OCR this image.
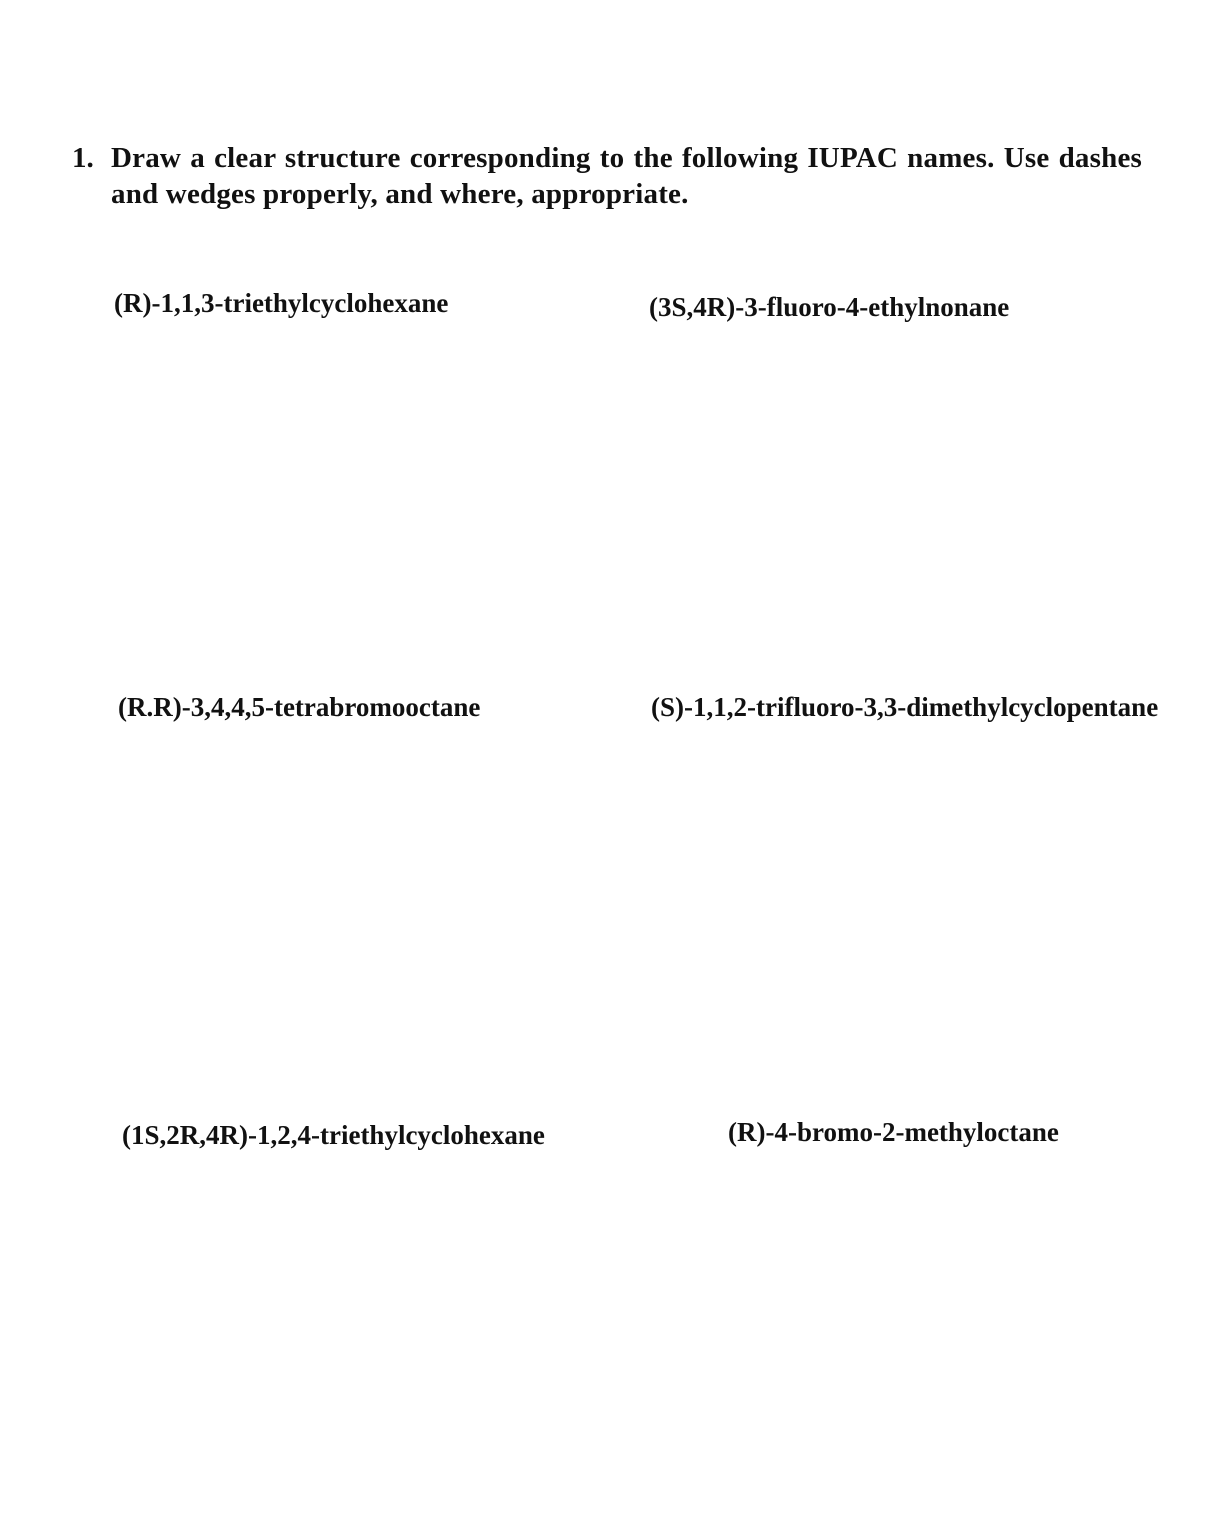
1. Draw a clear structure corresponding to the following IUPAC names. Use dashes and wedges properly, and where, appropriate.
(R)-1,1,3-triethylcyclohexane	(3S,4R)-3-fluoro-4-ethylnonane
(R.R)-3,4,4,5-tetrabromooctane	(S)-1,1,2-trifluoro-3,3-dimethylcyclopentane
(1S,2R,4R)-1,2,4-triethylcyclohexane	(R)-4-bromo-2-methyloctane
